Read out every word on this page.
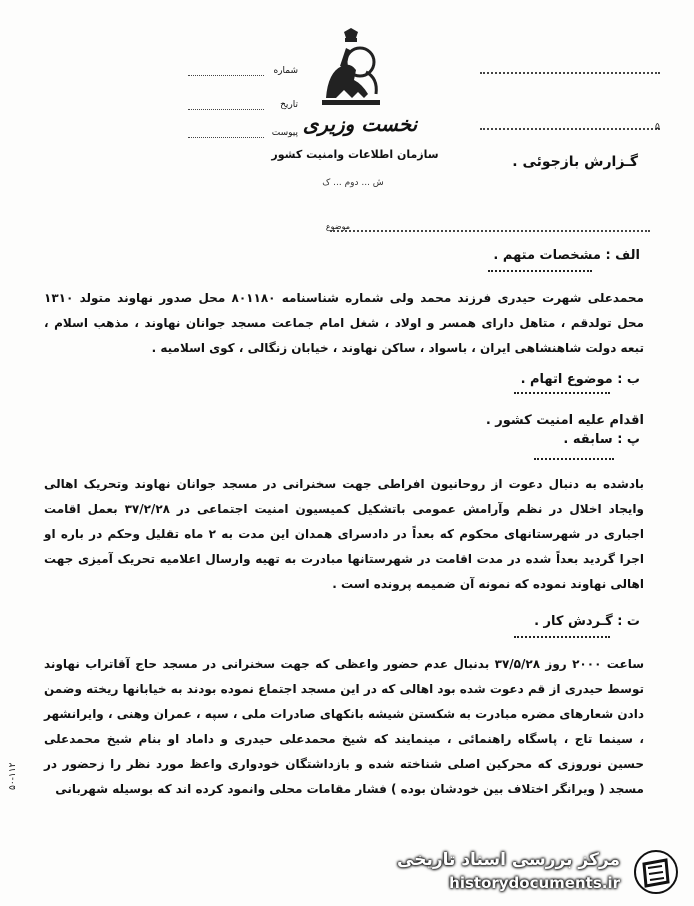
نخست وزیری
سازمان اطلاعات وامنیت کشور
ش ... دوم ... ک
شماره
تاریخ
پیوست
۵
گـزارش بازجوئی .
موضوع
الف : مشخصات متهم .
محمدعلی شهرت حیدری فرزند محمد ولی شماره شناسنامه ۸۰۱۱۸۰ محل صدور نهاوند متولد ۱۳۱۰ محل تولدقم ، متاهل دارای همسر و اولاد ، شغل امام جماعت مسجد جوانان نهاوند ، مذهب اسلام ، تبعه دولت شاهنشاهی ایران ، باسواد ، ساکن نهاوند ، خیابان زنگالی ، کوی اسلامیه .
ب : موضوع اتهام .
اقدام علیه امنیت کشور .
پ : سابقه .
بادشده به دنبال دعوت از روحانیون افراطی جهت سخنرانی در مسجد جوانان نهاوند وتحریک اهالی وایجاد اخلال در نظم وآرامش عمومی باتشکیل کمیسیون امنیت اجتماعی در ۳۷/۲/۲۸ بعمل اقامت اجباری در شهرستانهای محکوم که بعداً در دادسرای همدان این مدت به ۲ ماه تقلیل وحکم در باره او اجرا گردید بعداً شده در مدت اقامت در شهرستانها مبادرت به تهیه وارسال اعلامیه تحریک آمیزی جهت اهالی نهاوند نموده که نمونه آن ضمیمه پرونده است .
ت : گـردش کار .
ساعت ۲۰۰۰ روز ۳۷/۵/۲۸ بدنبال عدم حضور واعظی که جهت سخنرانی در مسجد حاج آقاتراب نهاوند توسط حیدری از قم دعوت شده بود اهالی که در این مسجد اجتماع نموده بودند به خیابانها ریخته وضمن دادن شعارهای مضره مبادرت به شکستن شیشه بانکهای صادرات ملی ، سپه ، عمران وهنی ، وایرانشهر ، سینما تاج ، پاسگاه راهنمائی ، مینمایند که شیخ محمدعلی حیدری و داماد او بنام شیخ محمدعلی حسین نوروزی که محرکین اصلی شناخته شده و بازداشتگان خودواری واعظ مورد نظر را زحضور در مسجد ( ویرانگر اختلاف بین خودشان بوده ) فشار مقامات محلی وانمود کرده اند که بوسیله شهربانی
۵۰-۱۱۲
مرکز بررسی اسناد تاریخی
historydocuments.ir
